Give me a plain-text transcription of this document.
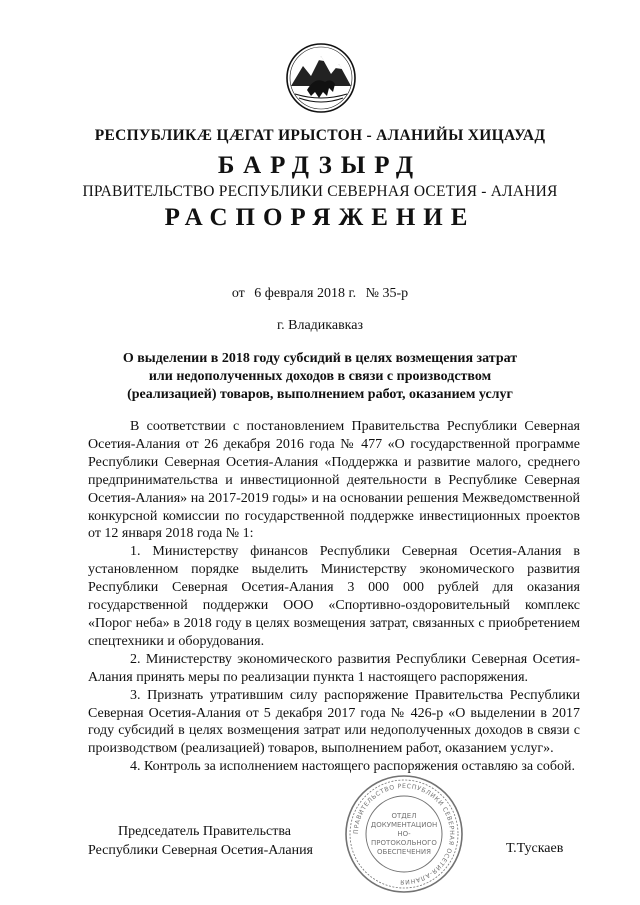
РЕСПУБЛИКӔ ЦӔГАТ ИРЫСТОН - АЛАНИЙЫ ХИЦАУАД
БАРДЗЫРД
ПРАВИТЕЛЬСТВО РЕСПУБЛИКИ СЕВЕРНАЯ ОСЕТИЯ - АЛАНИЯ
РАСПОРЯЖЕНИЕ
от 6 февраля 2018 г. № 35-р
г. Владикавказ
О выделении в 2018 году субсидий в целях возмещения затрат или недополученных доходов в связи с производством (реализацией) товаров, выполнением работ, оказанием услуг

В соответствии с постановлением Правительства Республики Северная Осетия-Алания от 26 декабря 2016 года № 477 «О государственной программе Республики Северная Осетия-Алания «Поддержка и развитие малого, среднего предпринимательства и инвестиционной деятельности в Республике Северная Осетия-Алания» на 2017-2019 годы» и на основании решения Межведомственной конкурсной комиссии по государственной поддержке инвестиционных проектов от 12 января 2018 года № 1:

1. Министерству финансов Республики Северная Осетия-Алания в установленном порядке выделить Министерству экономического развития Республики Северная Осетия-Алания 3 000 000 рублей для оказания государственной поддержки ООО «Спортивно-оздоровительный комплекс «Порог неба» в 2018 году в целях возмещения затрат, связанных с приобретением спецтехники и оборудования.

2. Министерству экономического развития Республики Северная Осетия-Алания принять меры по реализации пункта 1 настоящего распоряжения.

3. Признать утратившим силу распоряжение Правительства Республики Северная Осетия-Алания от 5 декабря 2017 года № 426-р «О выделении в 2017 году субсидий в целях возмещения затрат или недополученных доходов в связи с производством (реализацией) товаров, выполнением работ, оказанием услуг».

4. Контроль за исполнением настоящего распоряжения оставляю за собой.

Председатель Правительства
Республики Северная Осетия-Алания	Т.Тускаев
ПРАВИТЕЛЬСТВО РЕСПУБЛИКИ СЕВЕРНАЯ ОСЕТИЯ-АЛАНИЯ
ОТДЕЛ ДОКУМЕНТАЦИОННО-ПРОТОКОЛЬНОГО ОБЕСПЕЧЕНИЯ
